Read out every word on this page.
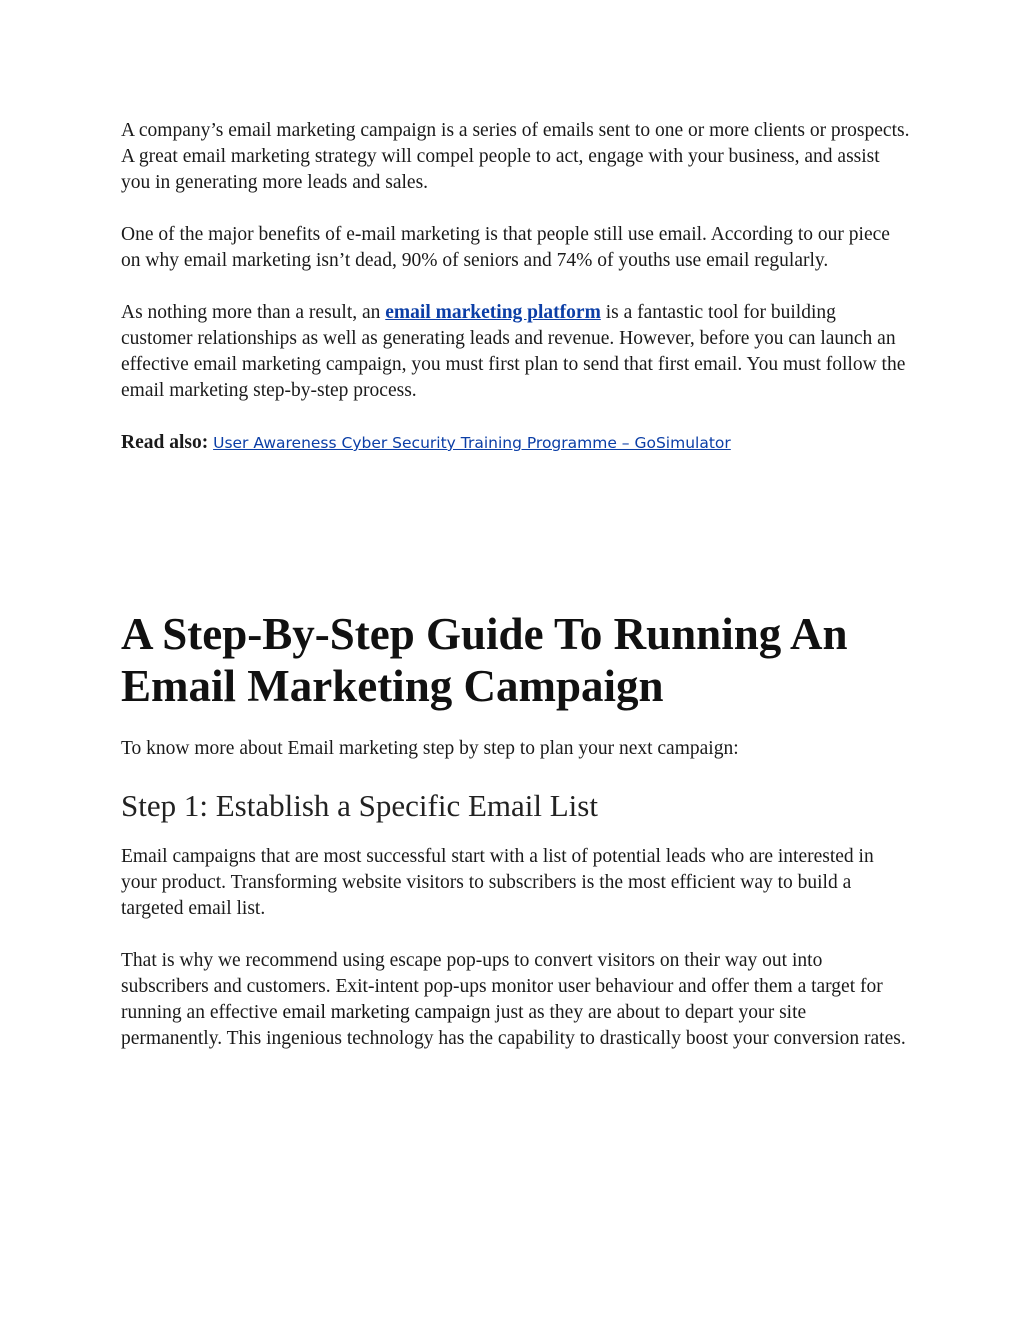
A company’s email marketing campaign is a series of emails sent to one or more clients or prospects. A great email marketing strategy will compel people to act, engage with your business, and assist you in generating more leads and sales.

One of the major benefits of e-mail marketing is that people still use email. According to our piece on why email marketing isn’t dead, 90% of seniors and 74% of youths use email regularly.

As nothing more than a result, an email marketing platform is a fantastic tool for building customer relationships as well as generating leads and revenue. However, before you can launch an effective email marketing campaign, you must first plan to send that first email. You must follow the email marketing step-by-step process.

Read also: User Awareness Cyber Security Training Programme – GoSimulator
A Step-By-Step Guide To Running An Email Marketing Campaign

To know more about Email marketing step by step to plan your next campaign:

Step 1: Establish a Specific Email List

Email campaigns that are most successful start with a list of potential leads who are interested in your product. Transforming website visitors to subscribers is the most efficient way to build a targeted email list.

That is why we recommend using escape pop-ups to convert visitors on their way out into subscribers and customers. Exit-intent pop-ups monitor user behaviour and offer them a target for running an effective email marketing campaign just as they are about to depart your site permanently. This ingenious technology has the capability to drastically boost your conversion rates.
